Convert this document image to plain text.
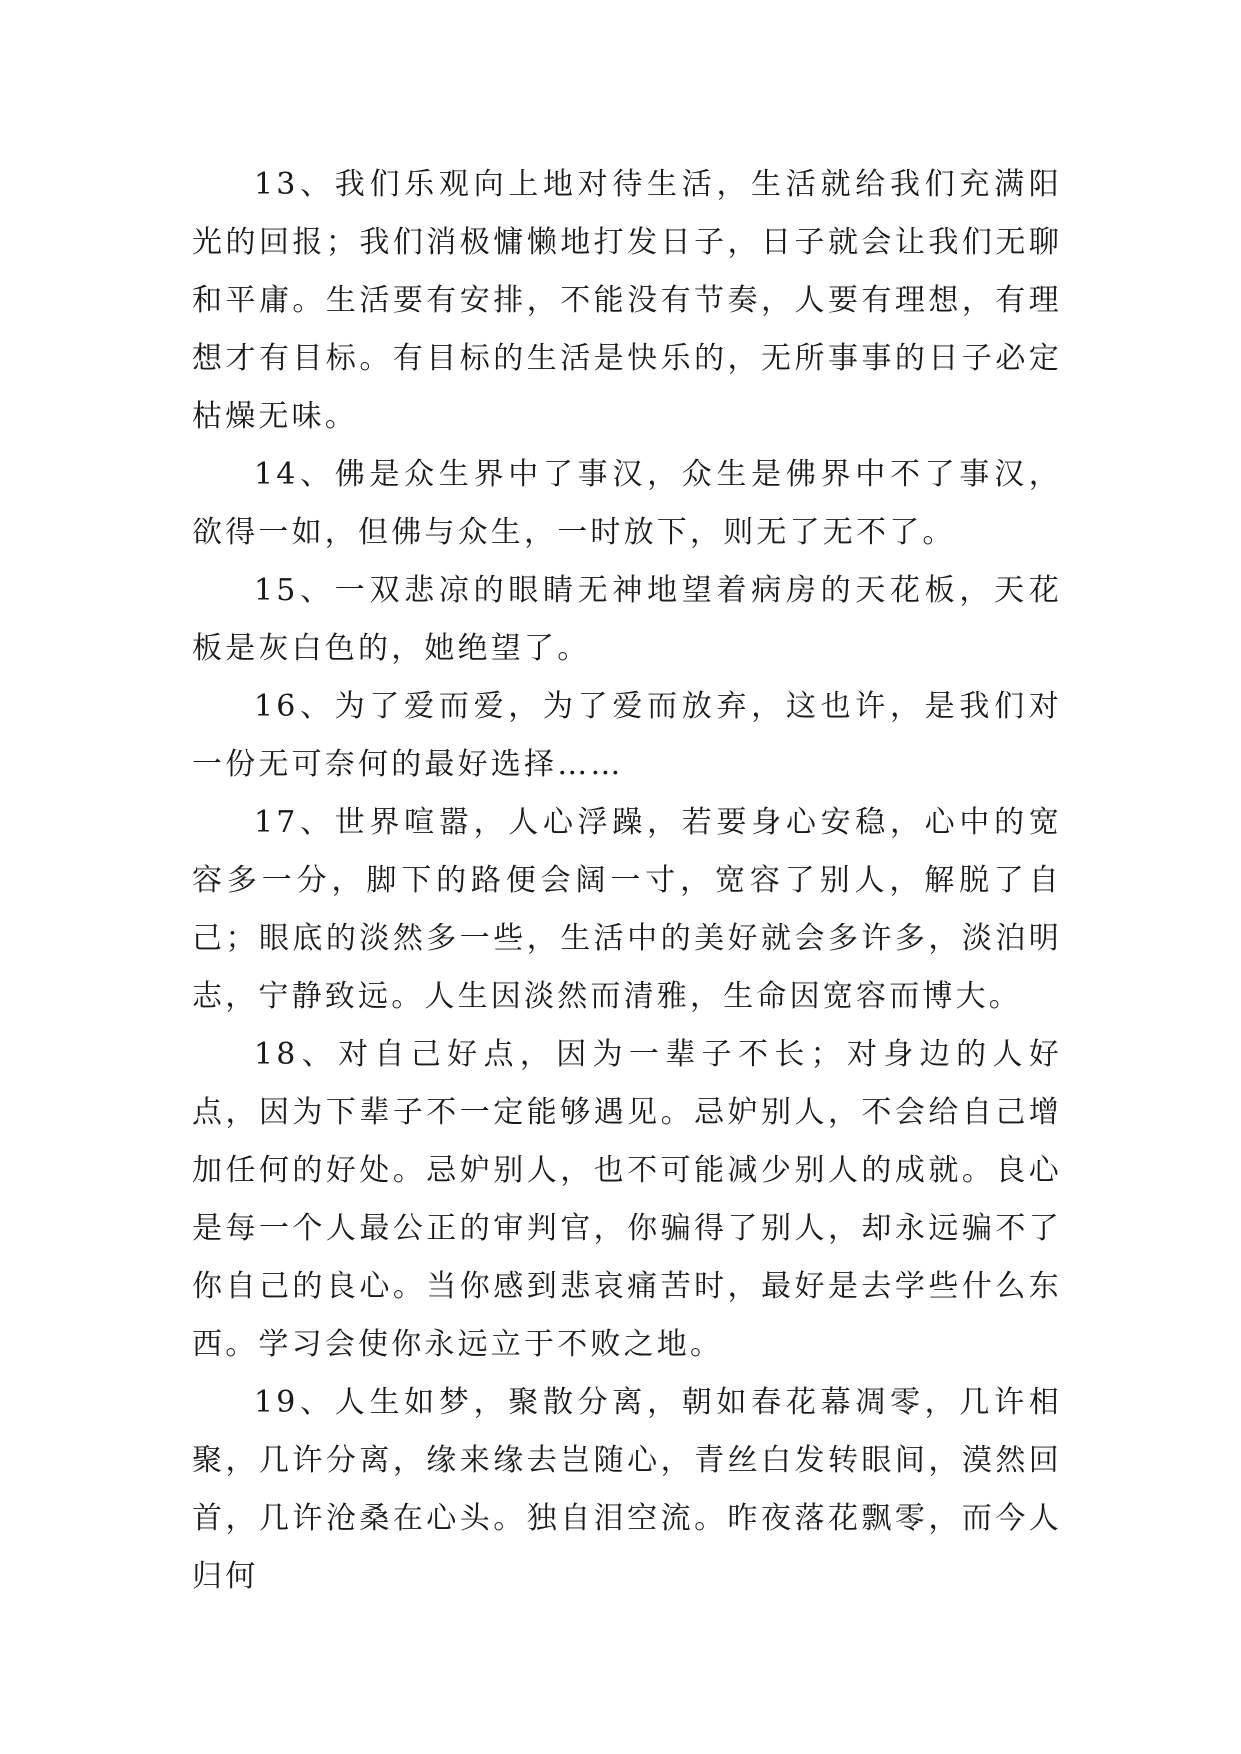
13、我们乐观向上地对待生活，生活就给我们充满阳光的回报；我们消极慵懒地打发日子，日子就会让我们无聊和平庸。生活要有安排，不能没有节奏，人要有理想，有理想才有目标。有目标的生活是快乐的，无所事事的日子必定枯燥无味。

14、佛是众生界中了事汉，众生是佛界中不了事汉，欲得一如，但佛与众生，一时放下，则无了无不了。

15、一双悲凉的眼睛无神地望着病房的天花板，天花板是灰白色的，她绝望了。

16、为了爱而爱，为了爱而放弃，这也许，是我们对一份无可奈何的最好选择……

17、世界喧嚣，人心浮躁，若要身心安稳，心中的宽容多一分，脚下的路便会阔一寸，宽容了别人，解脱了自己；眼底的淡然多一些，生活中的美好就会多许多，淡泊明志，宁静致远。人生因淡然而清雅，生命因宽容而博大。

18、对自己好点，因为一辈子不长；对身边的人好点，因为下辈子不一定能够遇见。忌妒别人，不会给自己增加任何的好处。忌妒别人，也不可能减少别人的成就。良心是每一个人最公正的审判官，你骗得了别人，却永远骗不了你自己的良心。当你感到悲哀痛苦时，最好是去学些什么东西。学习会使你永远立于不败之地。

19、人生如梦，聚散分离，朝如春花幕凋零，几许相聚，几许分离，缘来缘去岂随心，青丝白发转眼间，漠然回首，几许沧桑在心头。独自泪空流。昨夜落花飘零，而今人归何
